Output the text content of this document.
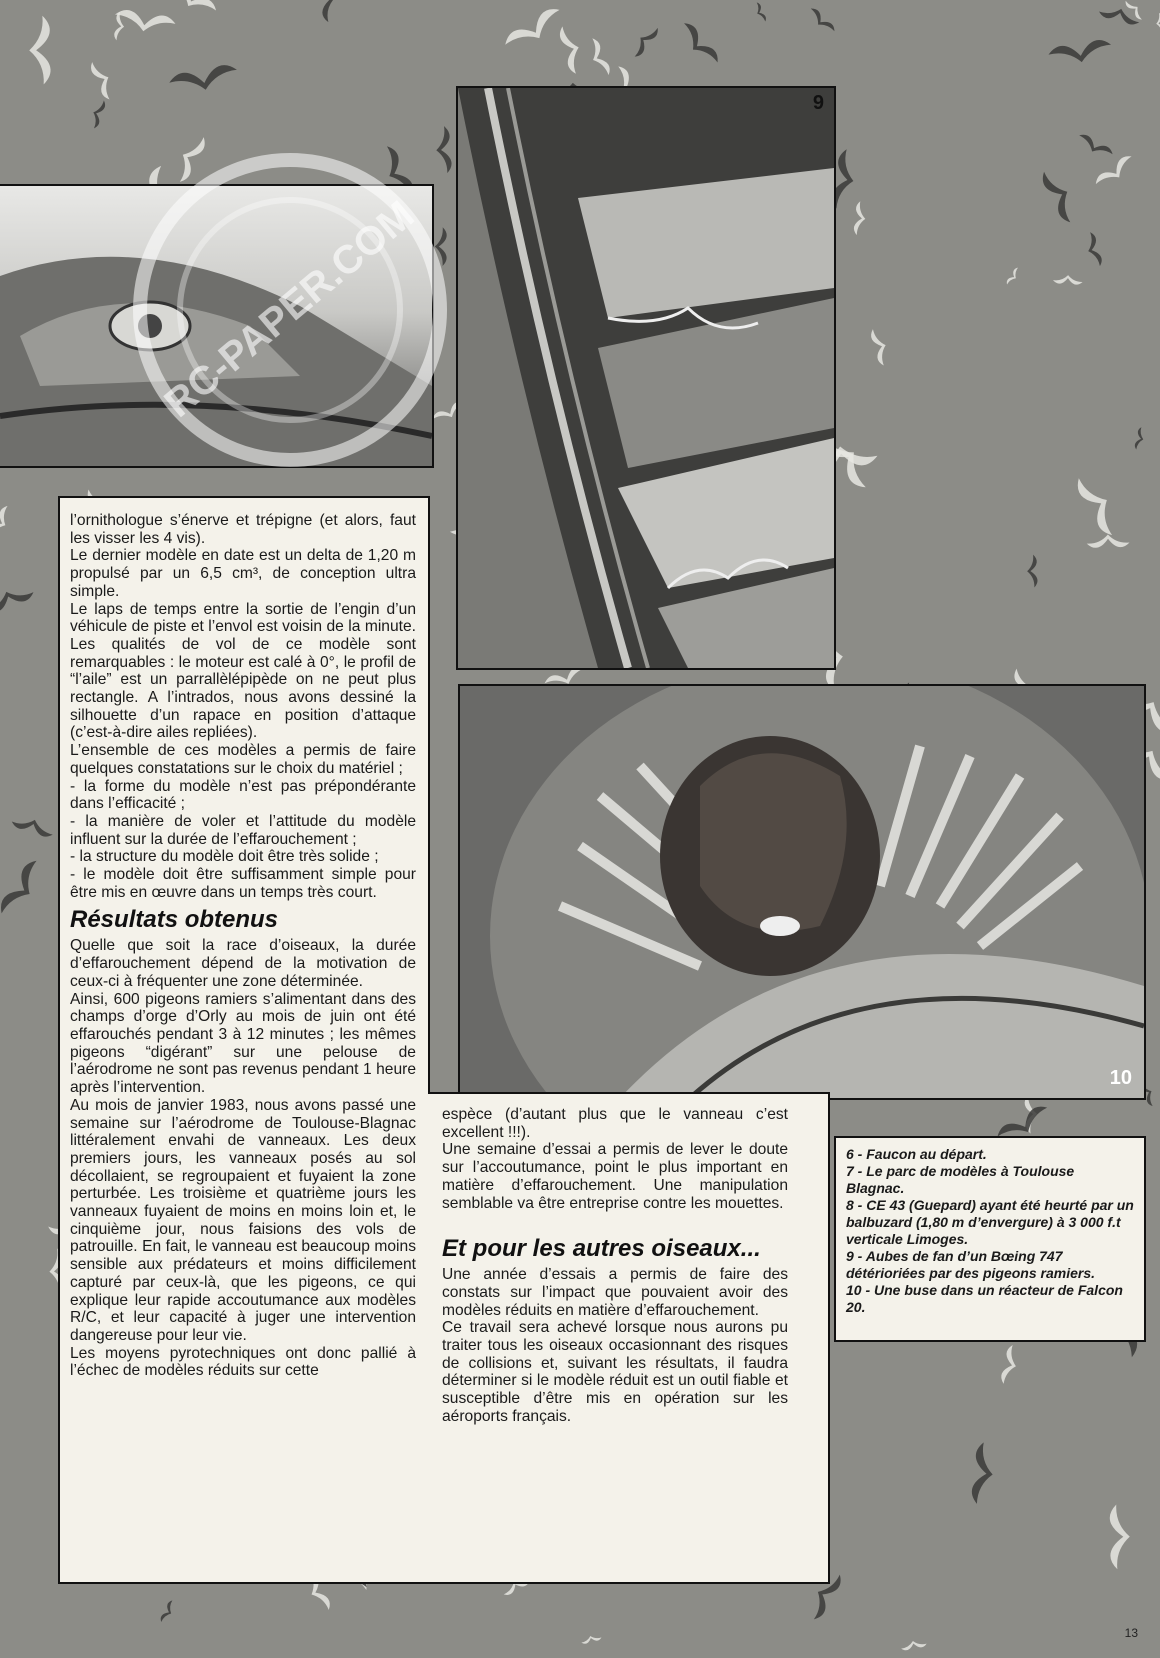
9
10
RC-PAPER.COM

l’ornithologue s’énerve et trépigne (et alors, faut les visser les 4 vis).

Le dernier modèle en date est un delta de 1,20 m propulsé par un 6,5 cm³, de conception ultra simple.

Le laps de temps entre la sortie de l’engin d’un véhicule de piste et l’envol est voisin de la minute. Les qualités de vol de ce modèle sont remarquables : le moteur est calé à 0°, le profil de “l’aile” est un parrallèlépipède on ne peut plus rectangle. A l’intrados, nous avons dessiné la silhouette d’un rapace en position d’attaque (c’est-à-dire ailes repliées).

L’ensemble de ces modèles a permis de faire quelques constatations sur le choix du matériel ;

- la forme du modèle n’est pas prépondérante dans l’efficacité ;

- la manière de voler et l’attitude du modèle influent sur la durée de l’effarouchement ;

- la structure du modèle doit être très solide ;

- le modèle doit être suffisamment simple pour être mis en œuvre dans un temps très court.

Résultats obtenus

Quelle que soit la race d’oiseaux, la durée d’effarouchement dépend de la motivation de ceux-ci à fréquenter une zone déterminée.

Ainsi, 600 pigeons ramiers s’alimentant dans des champs d’orge d’Orly au mois de juin ont été effarouchés pendant 3 à 12 minutes ; les mêmes pigeons “digérant” sur une pelouse de l’aérodrome ne sont pas revenus pendant 1 heure après l’intervention.

Au mois de janvier 1983, nous avons passé une semaine sur l’aérodrome de Toulouse-Blagnac littéralement envahi de vanneaux. Les deux premiers jours, les vanneaux posés au sol décollaient, se regroupaient et fuyaient la zone perturbée. Les troisième et quatrième jours les vanneaux fuyaient de moins en moins loin et, le cinquième jour, nous faisions des vols de patrouille. En fait, le vanneau est beaucoup moins sensible aux prédateurs et moins difficilement capturé par ceux-là, que les pigeons, ce qui explique leur rapide accoutumance aux modèles R/C, et leur capacité à juger une intervention dangereuse pour leur vie.

Les moyens pyrotechniques ont donc pallié à l’échec de modèles réduits sur cette

espèce (d’autant plus que le vanneau c’est excellent !!!).

Une semaine d’essai a permis de lever le doute sur l’accoutumance, point le plus important en matière d’effarouchement. Une manipulation semblable va être entreprise contre les mouettes.

Et pour les autres oiseaux...

Une année d’essais a permis de faire des constats sur l’impact que pouvaient avoir des modèles réduits en matière d’effarouchement.

Ce travail sera achevé lorsque nous aurons pu traiter tous les oiseaux occasionnant des risques de collisions et, suivant les résultats, il faudra déterminer si le modèle réduit est un outil fiable et susceptible d’être mis en opération sur les aéroports français.

6 - Faucon au départ.

7 - Le parc de modèles à Toulouse Blagnac.

8 - CE 43 (Guepard) ayant été heurté par un balbuzard (1,80 m d’envergure) à 3 000 f.t verticale Limoges.

9 - Aubes de fan d’un Bœing 747 détérioriées par des pigeons ramiers.

10 - Une buse dans un réacteur de Falcon 20.

13
